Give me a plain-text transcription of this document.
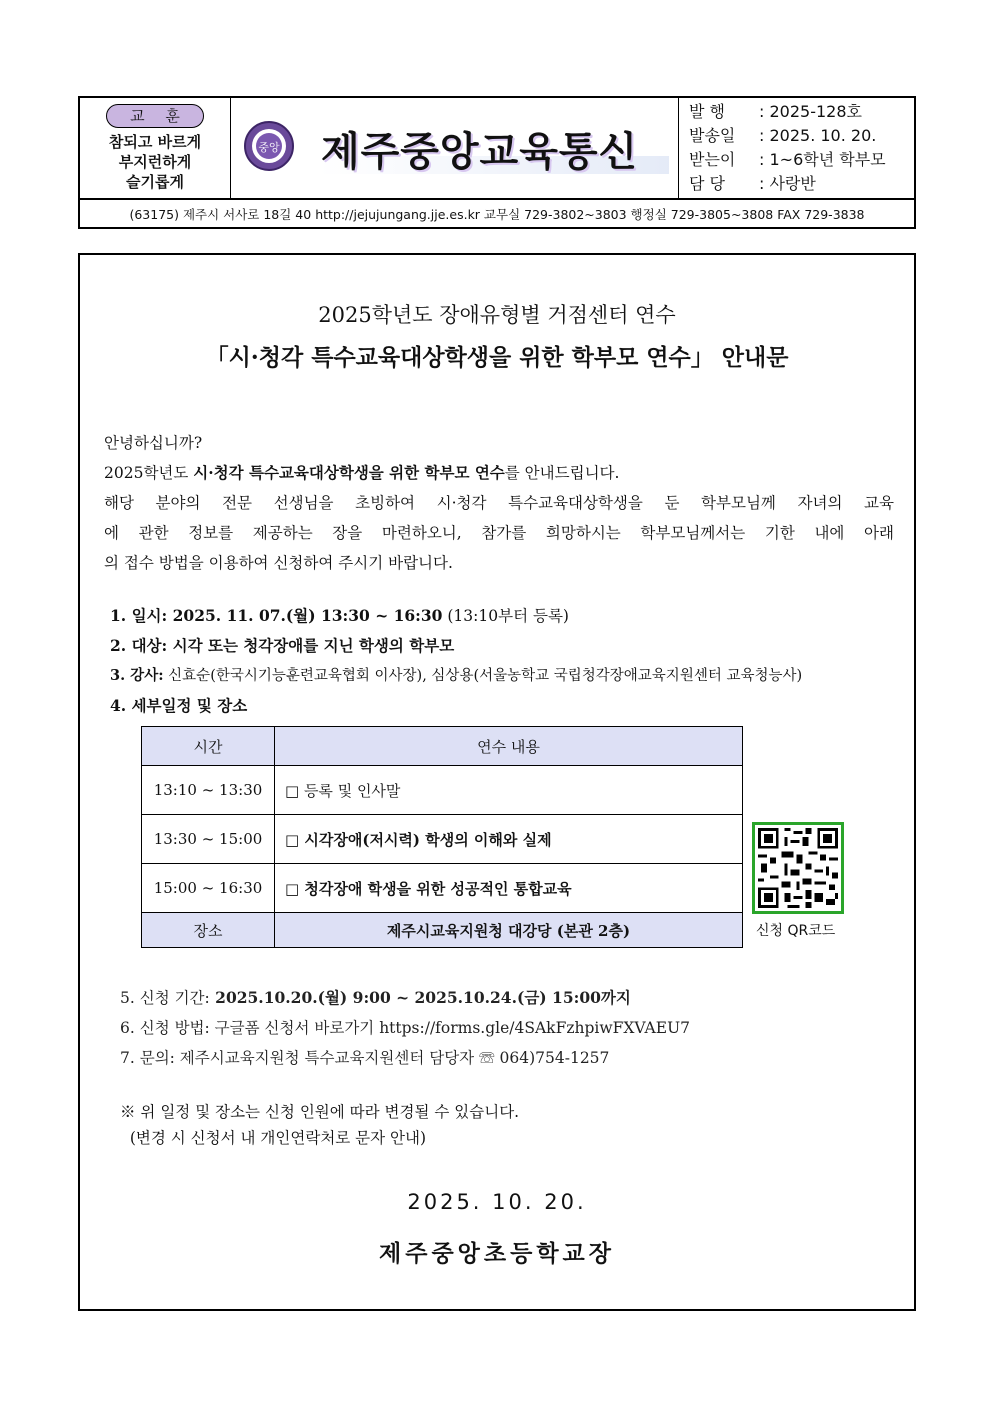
교 훈
참되고 바르게
부지런하게
슬기롭게
중앙 제주중앙교육통신
발 행 : 2025-128호
발송일 : 2025. 10. 20.
받는이 : 1~6학년 학부모
담 당 : 사랑반
(63175) 제주시 서사로 18길 40 http://jejujungang.jje.es.kr 교무실 729-3802~3803 행정실 729-3805~3808 FAX 729-3838
2025학년도 장애유형별 거점센터 연수
「시·청각 특수교육대상학생을 위한 학부모 연수」 안내문

안녕하십니까?

2025학년도 시·청각 특수교육대상학생을 위한 학부모 연수를 안내드립니다.

해당 분야의 전문 선생님을 초빙하여 시·청각 특수교육대상학생을 둔 학부모님께 자녀의 교육

에 관한 정보를 제공하는 장을 마련하오니, 참가를 희망하시는 학부모님께서는 기한 내에 아래

의 접수 방법을 이용하여 신청하여 주시기 바랍니다.

1. 일시: 2025. 11. 07.(월) 13:30 ~ 16:30 (13:10부터 등록)
2. 대상: 시각 또는 청각장애를 지닌 학생의 학부모
3. 강사: 신효순(한국시기능훈련교육협회 이사장), 심상용(서울농학교 국립청각장애교육지원센터 교육청능사)
4. 세부일정 및 장소
시간	연수 내용
13:10 ~ 13:30	□ 등록 및 인사말
13:30 ~ 15:00	□ 시각장애(저시력) 학생의 이해와 실제
15:00 ~ 16:30	□ 청각장애 학생을 위한 성공적인 통합교육
장소	제주시교육지원청 대강당 (본관 2층)	신청 QR코드
5. 신청 기간: 2025.10.20.(월) 9:00 ~ 2025.10.24.(금) 15:00까지
6. 신청 방법: 구글폼 신청서 바로가기 https://forms.gle/4SAkFzhpiwFXVAEU7
7. 문의: 제주시교육지원청 특수교육지원센터 담당자 ☏ 064)754-1257
※ 위 일정 및 장소는 신청 인원에 따라 변경될 수 있습니다.
(변경 시 신청서 내 개인연락처로 문자 안내)
2025. 10. 20.
제주중앙초등학교장
